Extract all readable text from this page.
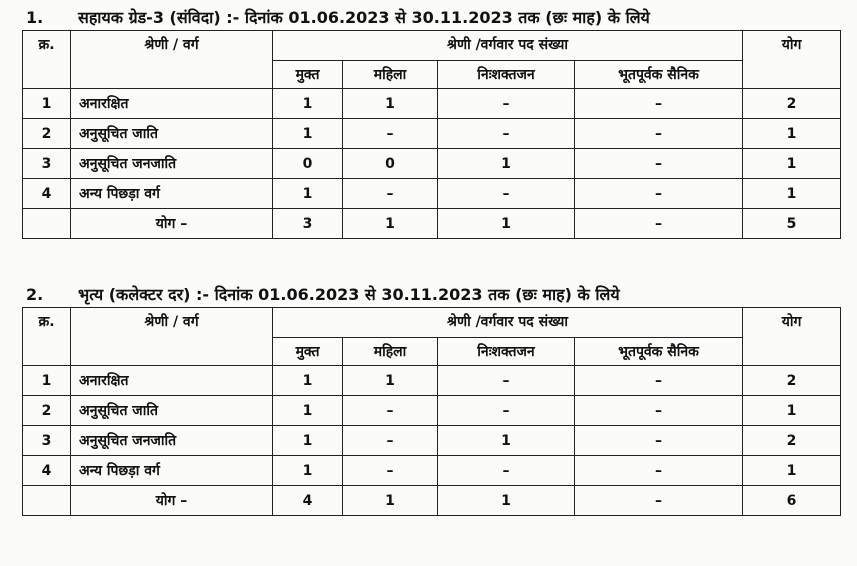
1. सहायक ग्रेड-3 (संविदा) :- दिनांक 01.06.2023 से 30.11.2023 तक (छः माह) के लिये
क्र.	श्रेणी / वर्ग	श्रेणी /वर्गवार पद संख्या				योग
		मुक्त	महिला	निःशक्तजन	भूतपूर्वक सैनिक	
1	अनारक्षित	1	1	–	–	2
2	अनुसूचित जाति	1	–	–	–	1
3	अनुसूचित जनजाति	0	0	1	–	1
4	अन्य पिछड़ा वर्ग	1	–	–	–	1
	योग –	3	1	1	–	5
2. भृत्य (कलेक्टर दर) :- दिनांक 01.06.2023 से 30.11.2023 तक (छः माह) के लिये
क्र.	श्रेणी / वर्ग	श्रेणी /वर्गवार पद संख्या				योग
		मुक्त	महिला	निःशक्तजन	भूतपूर्वक सैनिक	
1	अनारक्षित	1	1	–	–	2
2	अनुसूचित जाति	1	–	–	–	1
3	अनुसूचित जनजाति	1	–	1	–	2
4	अन्य पिछड़ा वर्ग	1	–	–	–	1
	योग –	4	1	1	–	6
